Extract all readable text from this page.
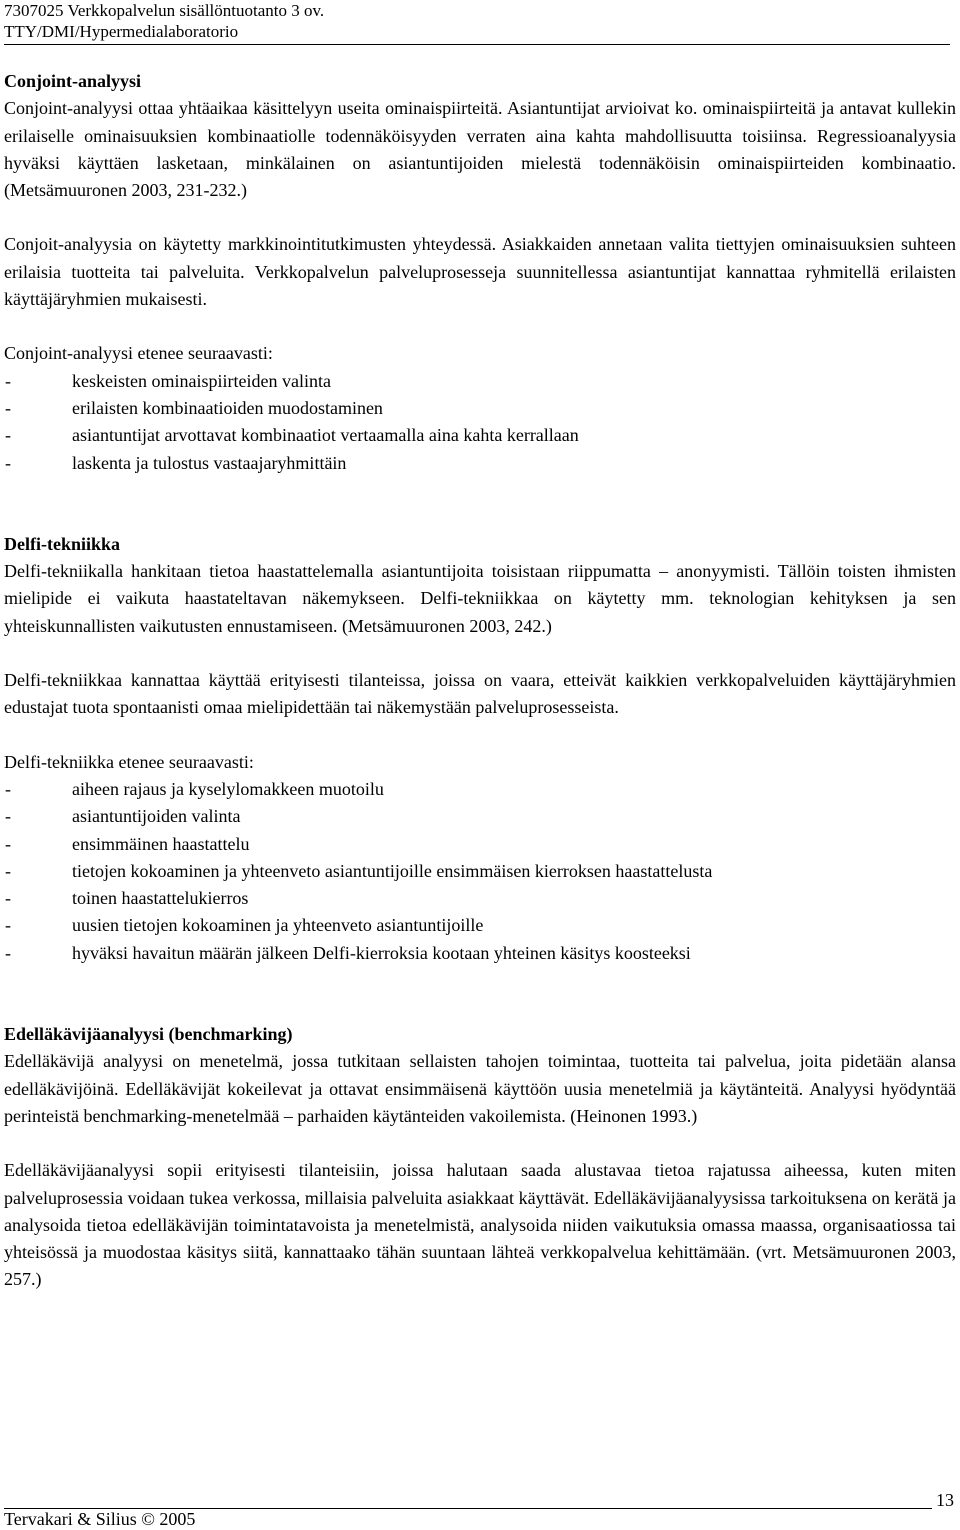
7307025 Verkkopalvelun sisällöntuotanto 3 ov.
TTY/DMI/Hypermedialaboratorio

Conjoint-analyysi

Conjoint-analyysi ottaa yhtäaikaa käsittelyyn useita ominaispiirteitä. Asiantuntijat arvioivat ko. ominaispiirteitä ja antavat kullekin erilaiselle ominaisuuksien kombinaatiolle todennäköisyyden verraten aina kahta mahdollisuutta toisiinsa. Regressioanalyysia hyväksi käyttäen lasketaan, minkälainen on asiantuntijoiden mielestä todennäköisin ominaispiirteiden kombinaatio. (Metsämuuronen 2003, 231-232.)

Conjoit-analyysia on käytetty markkinointitutkimusten yhteydessä. Asiakkaiden annetaan valita tiettyjen ominaisuuksien suhteen erilaisia tuotteita tai palveluita. Verkkopalvelun palveluprosesseja suunnitellessa asiantuntijat kannattaa ryhmitellä erilaisten käyttäjäryhmien mukaisesti.

Conjoint-analyysi etenee seuraavasti:

-	keskeisten ominaispiirteiden valinta
-	erilaisten kombinaatioiden muodostaminen
-	asiantuntijat arvottavat kombinaatiot vertaamalla aina kahta kerrallaan
-	laskenta ja tulostus vastaajaryhmittäin

Delfi-tekniikka

Delfi-tekniikalla hankitaan tietoa haastattelemalla asiantuntijoita toisistaan riippumatta – anonyymisti. Tällöin toisten ihmisten mielipide ei vaikuta haastateltavan näkemykseen. Delfi-tekniikkaa on käytetty mm. teknologian kehityksen ja sen yhteiskunnallisten vaikutusten ennustamiseen. (Metsämuuronen 2003, 242.)

Delfi-tekniikkaa kannattaa käyttää erityisesti tilanteissa, joissa on vaara, etteivät kaikkien verkkopalveluiden käyttäjäryhmien edustajat tuota spontaanisti omaa mielipidettään tai näkemystään palveluprosesseista.

Delfi-tekniikka etenee seuraavasti:

-	aiheen rajaus ja kyselylomakkeen muotoilu
-	asiantuntijoiden valinta
-	ensimmäinen haastattelu
-	tietojen kokoaminen ja yhteenveto asiantuntijoille ensimmäisen kierroksen haastattelusta
-	toinen haastattelukierros
-	uusien tietojen kokoaminen ja yhteenveto asiantuntijoille
-	hyväksi havaitun määrän jälkeen Delfi-kierroksia kootaan yhteinen käsitys koosteeksi

Edelläkävijäanalyysi (benchmarking)

Edelläkävijä analyysi on menetelmä, jossa tutkitaan sellaisten tahojen toimintaa, tuotteita tai palvelua, joita pidetään alansa edelläkävijöinä. Edelläkävijät kokeilevat ja ottavat ensimmäisenä käyttöön uusia menetelmiä ja käytänteitä. Analyysi hyödyntää perinteistä benchmarking-menetelmää – parhaiden käytänteiden vakoilemista. (Heinonen 1993.)

Edelläkävijäanalyysi sopii erityisesti tilanteisiin, joissa halutaan saada alustavaa tietoa rajatussa aiheessa, kuten miten palveluprosessia voidaan tukea verkossa, millaisia palveluita asiakkaat käyttävät. Edelläkävijäanalyysissa tarkoituksena on kerätä ja analysoida tietoa edelläkävijän toimintatavoista ja menetelmistä, analysoida niiden vaikutuksia omassa maassa, organisaatiossa tai yhteisössä ja muodostaa käsitys siitä, kannattaako tähän suuntaan lähteä verkkopalvelua kehittämään. (vrt. Metsämuuronen 2003, 257.)

Tervakari & Silius © 2005
13
